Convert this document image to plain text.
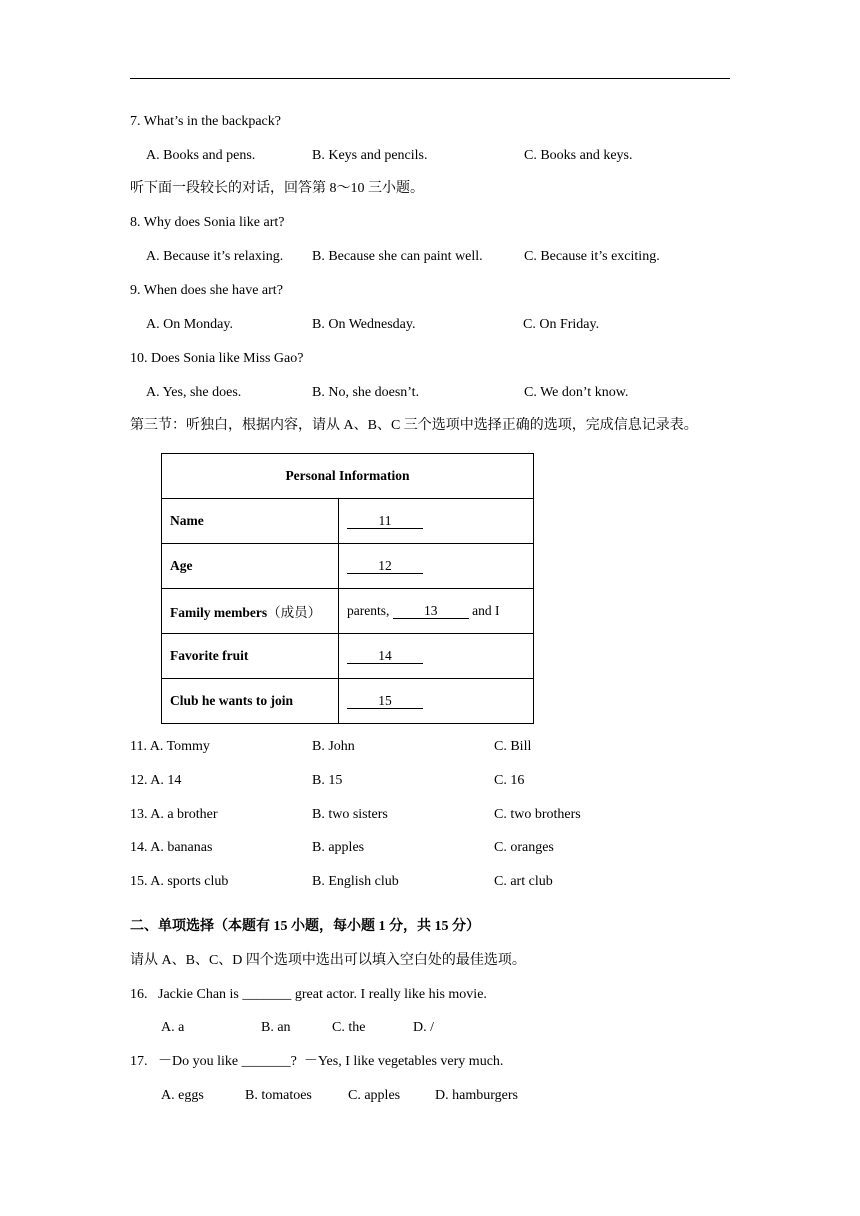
7. What’s in the backpack?
A. Books and pens.	B. Keys and pencils.	C. Books and keys.
听下面一段较长的对话，回答第 8～10 三小题。
8. Why does Sonia like art?
A. Because it’s relaxing. B. Because she can paint well.	C. Because it’s exciting.
9. When does she have art?
A. On Monday.	B. On Wednesday.	C. On Friday.
10. Does Sonia like Miss Gao?
A. Yes, she does.	B. No, she doesn’t.	C. We don’t know.
第三节：听独白，根据内容，请从 A、B、C 三个选项中选择正确的选项，完成信息记录表。
Personal Information	
Name	11
Age	12
Family members（成员）	parents, 13 and I
Favorite fruit	14
Club he wants to join	15
11. A. Tommy	B. John	C. Bill
12. A. 14	B. 15	C. 16
13. A. a brother	B. two sisters	C. two brothers
14. A. bananas	B. apples	C. oranges
15. A. sports club	B. English club	C. art club
二、单项选择（本题有 15 小题，每小题 1 分，共 15 分）
请从 A、B、C、D 四个选项中选出可以填入空白处的最佳选项。
16.   Jackie Chan is _______ great actor. I really like his movie.
A. a	B. an	C. the	D. /
17.   －Do you like _______?  －Yes, I like vegetables very much.
A. eggs	B. tomatoes	C. apples D. hamburgers
